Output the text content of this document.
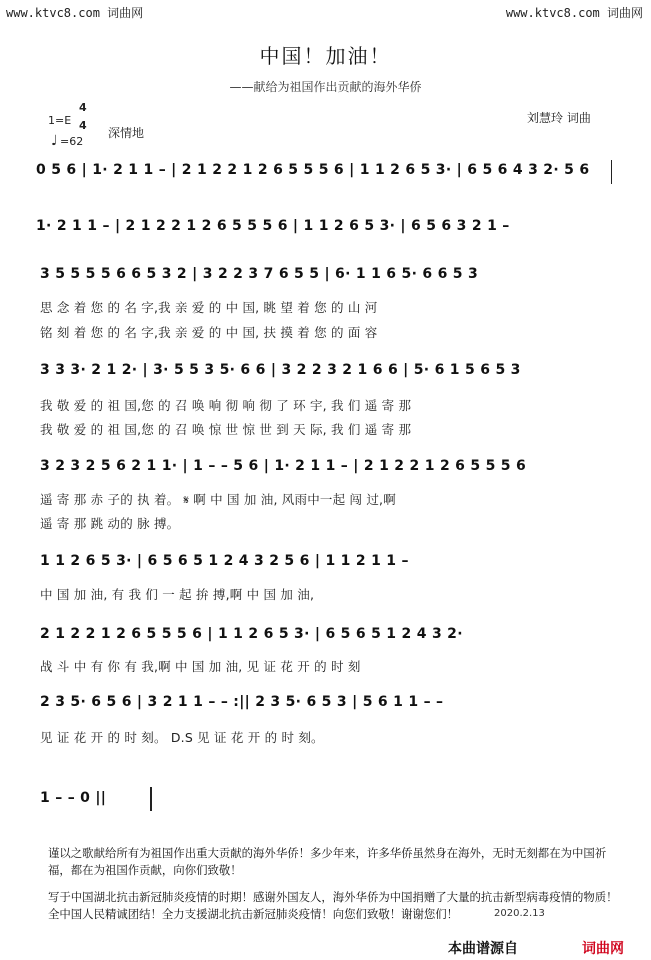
www.ktvc8.com 词曲网	www.ktvc8.com 词曲网
中国！加油！
——献给为祖国作出贡献的海外华侨
1=E
4
4
♩ =62
深情地
刘慧玲 词曲
0 5 6 | 1· 2 1 1 – | 2 1 2 2 1 2 6 5 5 5 6 | 1 1 2 6 5 3· | 6 5 6 4 3 2· 5 6
1· 2 1 1 – | 2 1 2 2 1 2 6 5 5 5 6 | 1 1 2 6 5 3· | 6 5 6 3 2 1 –
3 5 5 5 5 6 6 5 3 2 | 3 2 2 3 7 6 5 5 | 6· 1 1 6 5· 6 6 5 3
思 念 着 您 的 名 字,我 亲 爱 的 中 国, 眺 望 着 您 的 山 河
铭 刻 着 您 的 名 字,我 亲 爱 的 中 国, 扶 摸 着 您 的 面 容
3 3 3· 2 1 2· | 3· 5 5 3 5· 6 6 | 3 2 2 3 2 1 6 6 | 5· 6 1 5 6 5 3
我 敬 爱 的 祖 国,您 的 召 唤 响 彻 响 彻 了 环 宇, 我 们 遥 寄 那
我 敬 爱 的 祖 国,您 的 召 唤 惊 世 惊 世 到 天 际, 我 们 遥 寄 那
3 2 3 2 5 6 2 1 1· | 1 – – 5 6 | 1· 2 1 1 – | 2 1 2 2 1 2 6 5 5 5 6
遥 寄 那 赤 子的 执 着。 𝄋 啊 中 国 加 油, 风雨中一起 闯 过,啊
遥 寄 那 跳 动的 脉 搏。
1 1 2 6 5 3· | 6 5 6 5 1 2 4 3 2 5 6 | 1 1 2 1 1 –
中 国 加 油, 有 我 们 一 起 拚 搏,啊 中 国 加 油,
2 1 2 2 1 2 6 5 5 5 6 | 1 1 2 6 5 3· | 6 5 6 5 1 2 4 3 2·
战 斗 中 有 你 有 我,啊 中 国 加 油, 见 证 花 开 的 时 刻
2 3 5· 6 5 6 | 3 2 1 1 – – :|| 2 3 5· 6 5 3 | 5 6 1 1 – –
见 证 花 开 的 时 刻。 D.S 见 证 花 开 的 时 刻。
1 – – 0 ||
谨以之歌献给所有为祖国作出重大贡献的海外华侨！多少年来，许多华侨虽然身在海外，无时无刻都在为中国祈福，都在为祖国作贡献，向你们致敬！
写于中国湖北抗击新冠肺炎疫情的时期！感谢外国友人，海外华侨为中国捐赠了大量的抗击新型病毒疫情的物质！全中国人民精诚团结！全力支援湖北抗击新冠肺炎疫情！向您们致敬！谢谢您们！	2020.2.13
本曲谱源自	词曲网
